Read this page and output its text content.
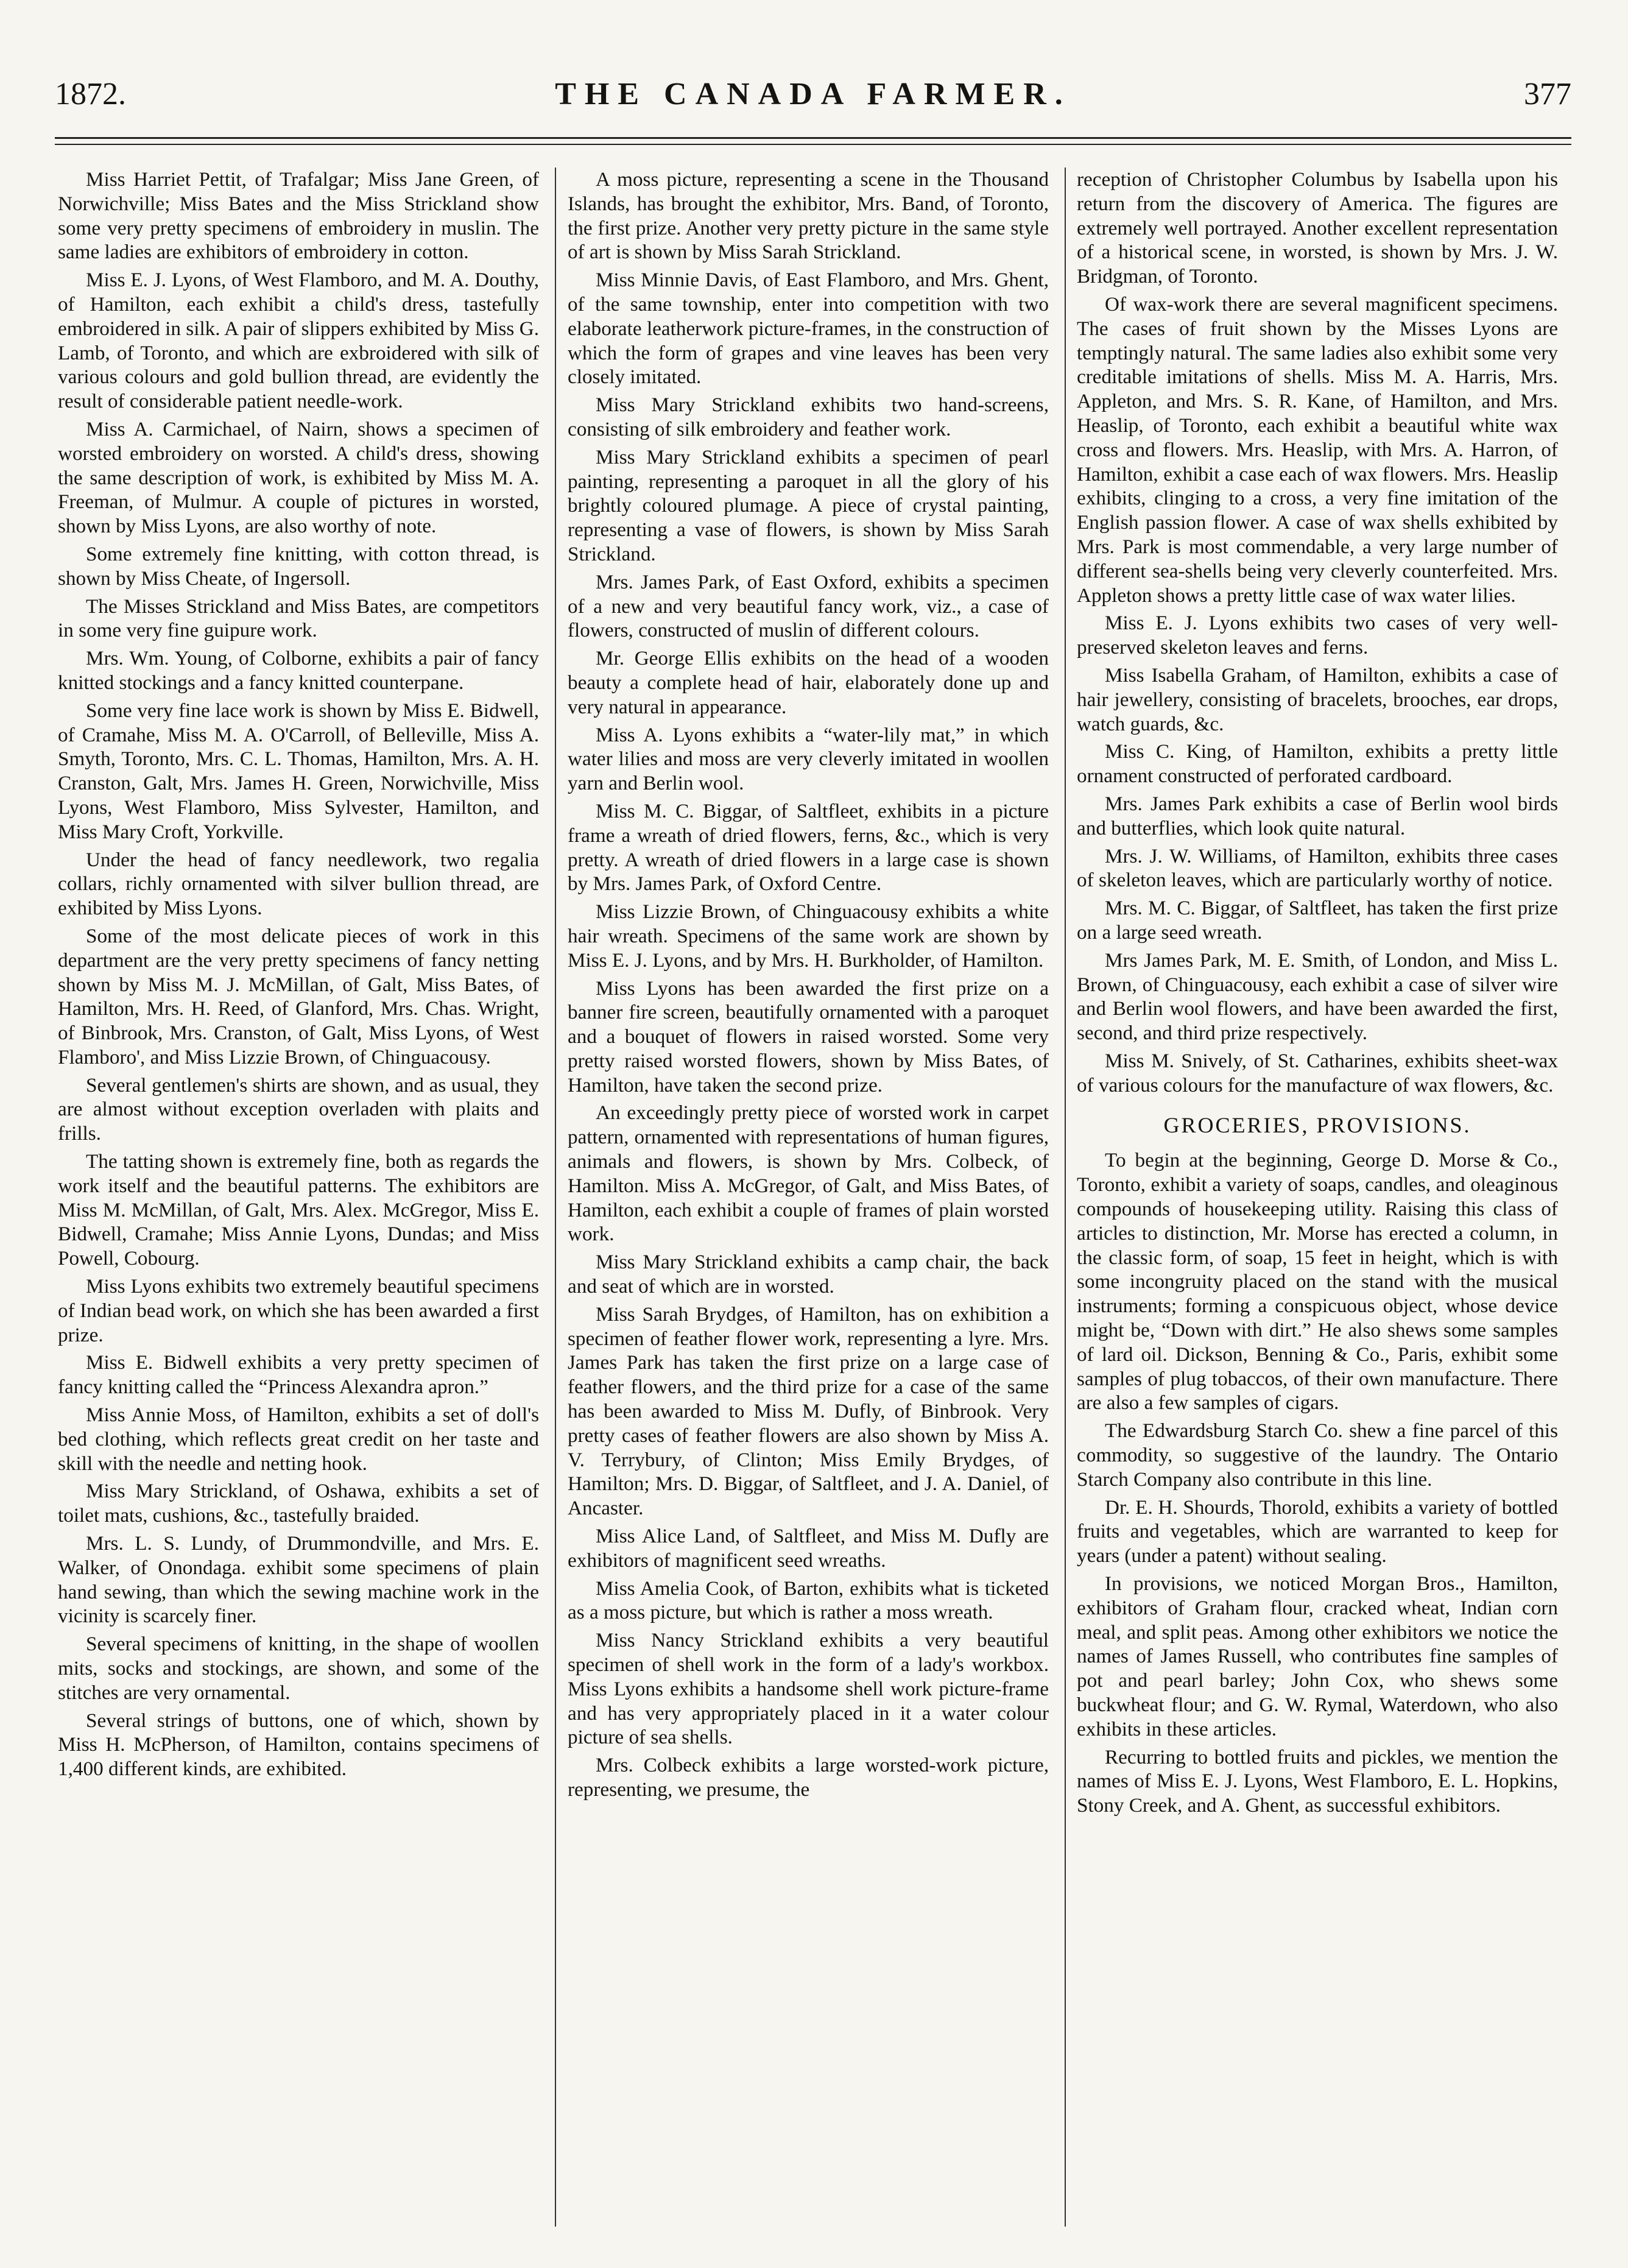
1872.	THE CANADA FARMER.	377

Miss Harriet Pettit, of Trafalgar; Miss Jane Green, of Norwichville; Miss Bates and the Miss Strickland show some very pretty specimens of embroidery in muslin. The same ladies are exhibitors of embroidery in cotton.

Miss E. J. Lyons, of West Flamboro, and M. A. Douthy, of Hamilton, each exhibit a child's dress, tastefully embroidered in silk. A pair of slippers exhibited by Miss G. Lamb, of Toronto, and which are exbroidered with silk of various colours and gold bullion thread, are evidently the result of considerable patient needle-work.

Miss A. Carmichael, of Nairn, shows a specimen of worsted embroidery on worsted. A child's dress, showing the same description of work, is exhibited by Miss M. A. Freeman, of Mulmur. A couple of pictures in worsted, shown by Miss Lyons, are also worthy of note.

Some extremely fine knitting, with cotton thread, is shown by Miss Cheate, of Ingersoll.

The Misses Strickland and Miss Bates, are competitors in some very fine guipure work.

Mrs. Wm. Young, of Colborne, exhibits a pair of fancy knitted stockings and a fancy knitted counterpane.

Some very fine lace work is shown by Miss E. Bidwell, of Cramahe, Miss M. A. O'Carroll, of Belleville, Miss A. Smyth, Toronto, Mrs. C. L. Thomas, Hamilton, Mrs. A. H. Cranston, Galt, Mrs. James H. Green, Norwichville, Miss Lyons, West Flamboro, Miss Sylvester, Hamilton, and Miss Mary Croft, Yorkville.

Under the head of fancy needlework, two regalia collars, richly ornamented with silver bullion thread, are exhibited by Miss Lyons.

Some of the most delicate pieces of work in this department are the very pretty specimens of fancy netting shown by Miss M. J. McMillan, of Galt, Miss Bates, of Hamilton, Mrs. H. Reed, of Glanford, Mrs. Chas. Wright, of Binbrook, Mrs. Cranston, of Galt, Miss Lyons, of West Flamboro', and Miss Lizzie Brown, of Chinguacousy.

Several gentlemen's shirts are shown, and as usual, they are almost without exception overladen with plaits and frills.

The tatting shown is extremely fine, both as regards the work itself and the beautiful patterns. The exhibitors are Miss M. McMillan, of Galt, Mrs. Alex. McGregor, Miss E. Bidwell, Cramahe; Miss Annie Lyons, Dundas; and Miss Powell, Cobourg.

Miss Lyons exhibits two extremely beautiful specimens of Indian bead work, on which she has been awarded a first prize.

Miss E. Bidwell exhibits a very pretty specimen of fancy knitting called the “Princess Alexandra apron.”

Miss Annie Moss, of Hamilton, exhibits a set of doll's bed clothing, which reflects great credit on her taste and skill with the needle and netting hook.

Miss Mary Strickland, of Oshawa, exhibits a set of toilet mats, cushions, &c., tastefully braided.

Mrs. L. S. Lundy, of Drummondville, and Mrs. E. Walker, of Onondaga. exhibit some specimens of plain hand sewing, than which the sewing machine work in the vicinity is scarcely finer.

Several specimens of knitting, in the shape of woollen mits, socks and stockings, are shown, and some of the stitches are very ornamental.

Several strings of buttons, one of which, shown by Miss H. McPherson, of Hamilton, contains specimens of 1,400 different kinds, are exhibited.

A moss picture, representing a scene in the Thousand Islands, has brought the exhibitor, Mrs. Band, of Toronto, the first prize. Another very pretty picture in the same style of art is shown by Miss Sarah Strickland.

Miss Minnie Davis, of East Flamboro, and Mrs. Ghent, of the same township, enter into competition with two elaborate leatherwork picture-frames, in the construction of which the form of grapes and vine leaves has been very closely imitated.

Miss Mary Strickland exhibits two hand-screens, consisting of silk embroidery and feather work.

Miss Mary Strickland exhibits a specimen of pearl painting, representing a paroquet in all the glory of his brightly coloured plumage. A piece of crystal painting, representing a vase of flowers, is shown by Miss Sarah Strickland.

Mrs. James Park, of East Oxford, exhibits a specimen of a new and very beautiful fancy work, viz., a case of flowers, constructed of muslin of different colours.

Mr. George Ellis exhibits on the head of a wooden beauty a complete head of hair, elaborately done up and very natural in appearance.

Miss A. Lyons exhibits a “water-lily mat,” in which water lilies and moss are very cleverly imitated in woollen yarn and Berlin wool.

Miss M. C. Biggar, of Saltfleet, exhibits in a picture frame a wreath of dried flowers, ferns, &c., which is very pretty. A wreath of dried flowers in a large case is shown by Mrs. James Park, of Oxford Centre.

Miss Lizzie Brown, of Chinguacousy exhibits a white hair wreath. Specimens of the same work are shown by Miss E. J. Lyons, and by Mrs. H. Burkholder, of Hamilton.

Miss Lyons has been awarded the first prize on a banner fire screen, beautifully ornamented with a paroquet and a bouquet of flowers in raised worsted. Some very pretty raised worsted flowers, shown by Miss Bates, of Hamilton, have taken the second prize.

An exceedingly pretty piece of worsted work in carpet pattern, ornamented with representations of human figures, animals and flowers, is shown by Mrs. Colbeck, of Hamilton. Miss A. McGregor, of Galt, and Miss Bates, of Hamilton, each exhibit a couple of frames of plain worsted work.

Miss Mary Strickland exhibits a camp chair, the back and seat of which are in worsted.

Miss Sarah Brydges, of Hamilton, has on exhibition a specimen of feather flower work, representing a lyre. Mrs. James Park has taken the first prize on a large case of feather flowers, and the third prize for a case of the same has been awarded to Miss M. Dufly, of Binbrook. Very pretty cases of feather flowers are also shown by Miss A. V. Terrybury, of Clinton; Miss Emily Brydges, of Hamilton; Mrs. D. Biggar, of Saltfleet, and J. A. Daniel, of Ancaster.

Miss Alice Land, of Saltfleet, and Miss M. Dufly are exhibitors of magnificent seed wreaths.

Miss Amelia Cook, of Barton, exhibits what is ticketed as a moss picture, but which is rather a moss wreath.

Miss Nancy Strickland exhibits a very beautiful specimen of shell work in the form of a lady's workbox. Miss Lyons exhibits a handsome shell work picture-frame and has very appropriately placed in it a water colour picture of sea shells.

Mrs. Colbeck exhibits a large worsted-work picture, representing, we presume, the

reception of Christopher Columbus by Isabella upon his return from the discovery of America. The figures are extremely well portrayed. Another excellent representation of a historical scene, in worsted, is shown by Mrs. J. W. Bridgman, of Toronto.

Of wax-work there are several magnificent specimens. The cases of fruit shown by the Misses Lyons are temptingly natural. The same ladies also exhibit some very creditable imitations of shells. Miss M. A. Harris, Mrs. Appleton, and Mrs. S. R. Kane, of Hamilton, and Mrs. Heaslip, of Toronto, each exhibit a beautiful white wax cross and flowers. Mrs. Heaslip, with Mrs. A. Harron, of Hamilton, exhibit a case each of wax flowers. Mrs. Heaslip exhibits, clinging to a cross, a very fine imitation of the English passion flower. A case of wax shells exhibited by Mrs. Park is most commendable, a very large number of different sea-shells being very cleverly counterfeited. Mrs. Appleton shows a pretty little case of wax water lilies.

Miss E. J. Lyons exhibits two cases of very well-preserved skeleton leaves and ferns.

Miss Isabella Graham, of Hamilton, exhibits a case of hair jewellery, consisting of bracelets, brooches, ear drops, watch guards, &c.

Miss C. King, of Hamilton, exhibits a pretty little ornament constructed of perforated cardboard.

Mrs. James Park exhibits a case of Berlin wool birds and butterflies, which look quite natural.

Mrs. J. W. Williams, of Hamilton, exhibits three cases of skeleton leaves, which are particularly worthy of notice.

Mrs. M. C. Biggar, of Saltfleet, has taken the first prize on a large seed wreath.

Mrs James Park, M. E. Smith, of London, and Miss L. Brown, of Chinguacousy, each exhibit a case of silver wire and Berlin wool flowers, and have been awarded the first, second, and third prize respectively.

Miss M. Snively, of St. Catharines, exhibits sheet-wax of various colours for the manufacture of wax flowers, &c.

GROCERIES, PROVISIONS.

To begin at the beginning, George D. Morse & Co., Toronto, exhibit a variety of soaps, candles, and oleaginous compounds of housekeeping utility. Raising this class of articles to distinction, Mr. Morse has erected a column, in the classic form, of soap, 15 feet in height, which is with some incongruity placed on the stand with the musical instruments; forming a conspicuous object, whose device might be, “Down with dirt.” He also shews some samples of lard oil. Dickson, Benning & Co., Paris, exhibit some samples of plug tobaccos, of their own manufacture. There are also a few samples of cigars.

The Edwardsburg Starch Co. shew a fine parcel of this commodity, so suggestive of the laundry. The Ontario Starch Company also contribute in this line.

Dr. E. H. Shourds, Thorold, exhibits a variety of bottled fruits and vegetables, which are warranted to keep for years (under a patent) without sealing.

In provisions, we noticed Morgan Bros., Hamilton, exhibitors of Graham flour, cracked wheat, Indian corn meal, and split peas. Among other exhibitors we notice the names of James Russell, who contributes fine samples of pot and pearl barley; John Cox, who shews some buckwheat flour; and G. W. Rymal, Waterdown, who also exhibits in these articles.

Recurring to bottled fruits and pickles, we mention the names of Miss E. J. Lyons, West Flamboro, E. L. Hopkins, Stony Creek, and A. Ghent, as successful exhibitors.
